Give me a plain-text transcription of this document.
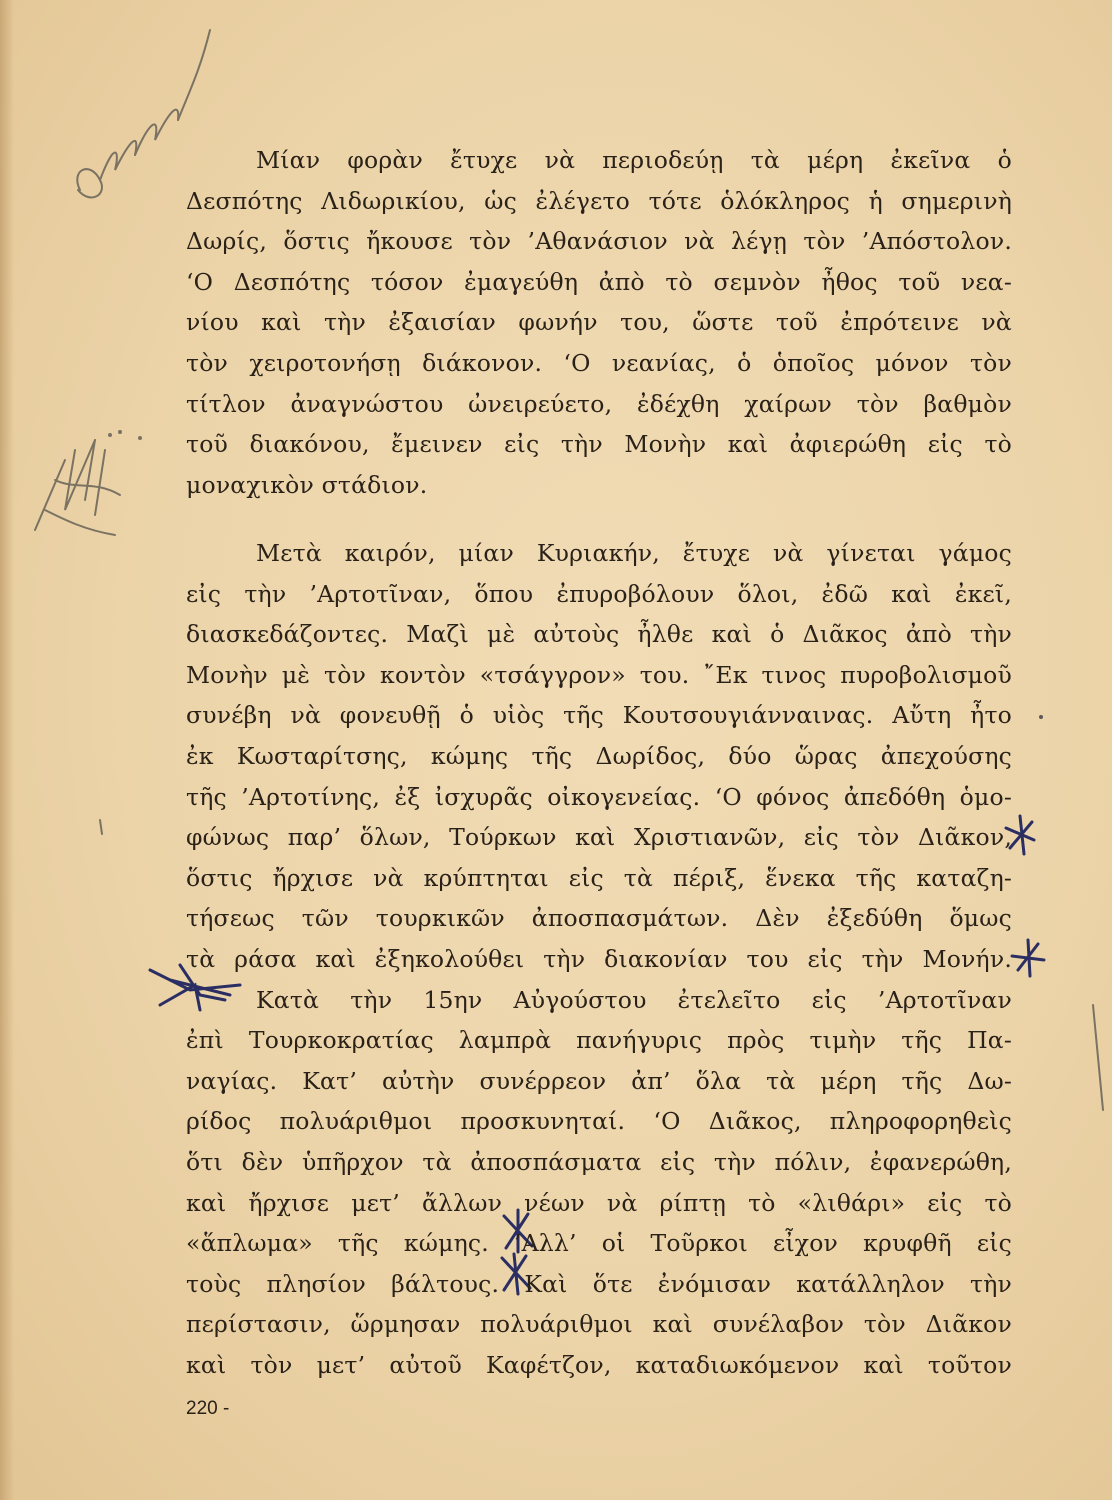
Μίαν φορὰν ἔτυχε νὰ περιοδεύῃ τὰ μέρη ἐκεῖνα ὁ

Δεσπότης Λιδωρικίου, ὡς ἐλέγετο τότε ὁλόκληρος ἡ σημερινὴ

Δωρίς, ὅστις ἤκουσε τὸν ’Αθανάσιον νὰ λέγῃ τὸν ’Απόστολον.

‘Ο Δεσπότης τόσον ἐμαγεύθη ἀπὸ τὸ σεμνὸν ἦθος τοῦ νεα-

νίου καὶ τὴν ἐξαισίαν φωνήν του, ὥστε τοῦ ἐπρότεινε νὰ

τὸν χειροτονήσῃ διάκονον. ‘Ο νεανίας, ὁ ὁποῖος μόνον τὸν

τίτλον ἀναγνώστου ὠνειρεύετο, ἐδέχθη χαίρων τὸν βαθμὸν

τοῦ διακόνου, ἔμεινεν εἰς τὴν Μονὴν καὶ ἀφιερώθη εἰς τὸ

μοναχικὸν στάδιον.

Μετὰ καιρόν, μίαν Κυριακήν, ἔτυχε νὰ γίνεται γάμος

εἰς τὴν ’Αρτοτῖναν, ὅπου ἐπυροβόλουν ὅλοι, ἐδῶ καὶ ἐκεῖ,

διασκεδάζοντες. Μαζὶ μὲ αὐτοὺς ἦλθε καὶ ὁ Διᾶκος ἀπὸ τὴν

Μονὴν μὲ τὸν κοντὸν «τσάγγρον» του. ῎Εκ τινος πυροβολισμοῦ

συνέβη νὰ φονευθῇ ὁ υἱὸς τῆς Κουτσουγιάνναινας. Αὔτη ἦτο

ἐκ Κωσταρίτσης, κώμης τῆς Δωρίδος, δύο ὥρας ἀπεχούσης

τῆς ’Αρτοτίνης, ἐξ ἰσχυρᾶς οἰκογενείας. ‘Ο φόνος ἀπεδόθη ὁμο-

φώνως παρ’ ὅλων, Τούρκων καὶ Χριστιανῶν, εἰς τὸν Διᾶκον,

ὅστις ἤρχισε νὰ κρύπτηται εἰς τὰ πέριξ, ἕνεκα τῆς καταζη-

τήσεως τῶν τουρκικῶν ἀποσπασμάτων. Δὲν ἐξεδύθη ὅμως

τὰ ράσα καὶ ἐξηκολούθει τὴν διακονίαν του εἰς τὴν Μονήν.

Κατὰ τὴν 15ην Αὐγούστου ἐτελεῖτο εἰς ’Αρτοτῖναν

ἐπὶ Τουρκοκρατίας λαμπρὰ πανήγυρις πρὸς τιμὴν τῆς Πα-

ναγίας. Κατ’ αὐτὴν συνέρρεον ἀπ’ ὅλα τὰ μέρη τῆς Δω-

ρίδος πολυάριθμοι προσκυνηταί. ‘Ο Διᾶκος, πληροφορηθεὶς

ὅτι δὲν ὑπῆρχον τὰ ἀποσπάσματα εἰς τὴν πόλιν, ἐφανερώθη,

καὶ ἤρχισε μετ’ ἄλλων νέων νὰ ρίπτῃ τὸ «λιθάρι» εἰς τὸ

«ἅπλωμα» τῆς κώμης. ’Αλλ’ οἱ Τοῦρκοι εἶχον κρυφθῆ εἰς

τοὺς πλησίον βάλτους. Καὶ ὅτε ἐνόμισαν κατάλληλον τὴν

περίστασιν, ὥρμησαν πολυάριθμοι καὶ συνέλαβον τὸν Διᾶκον

καὶ τὸν μετ’ αὐτοῦ Καφέτζον, καταδιωκόμενον καὶ τοῦτον

220 -
